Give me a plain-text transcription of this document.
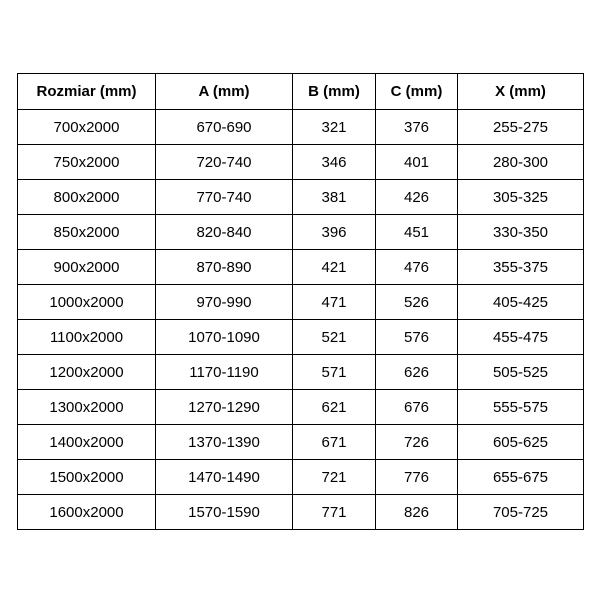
Rozmiar (mm)	A (mm)	B (mm)	C (mm)	X (mm)
700x2000	670-690	321	376	255-275
750x2000	720-740	346	401	280-300
800x2000	770-740	381	426	305-325
850x2000	820-840	396	451	330-350
900x2000	870-890	421	476	355-375
1000x2000	970-990	471	526	405-425
1100x2000	1070-1090	521	576	455-475
1200x2000	1170-1190	571	626	505-525
1300x2000	1270-1290	621	676	555-575
1400x2000	1370-1390	671	726	605-625
1500x2000	1470-1490	721	776	655-675
1600x2000	1570-1590	771	826	705-725
